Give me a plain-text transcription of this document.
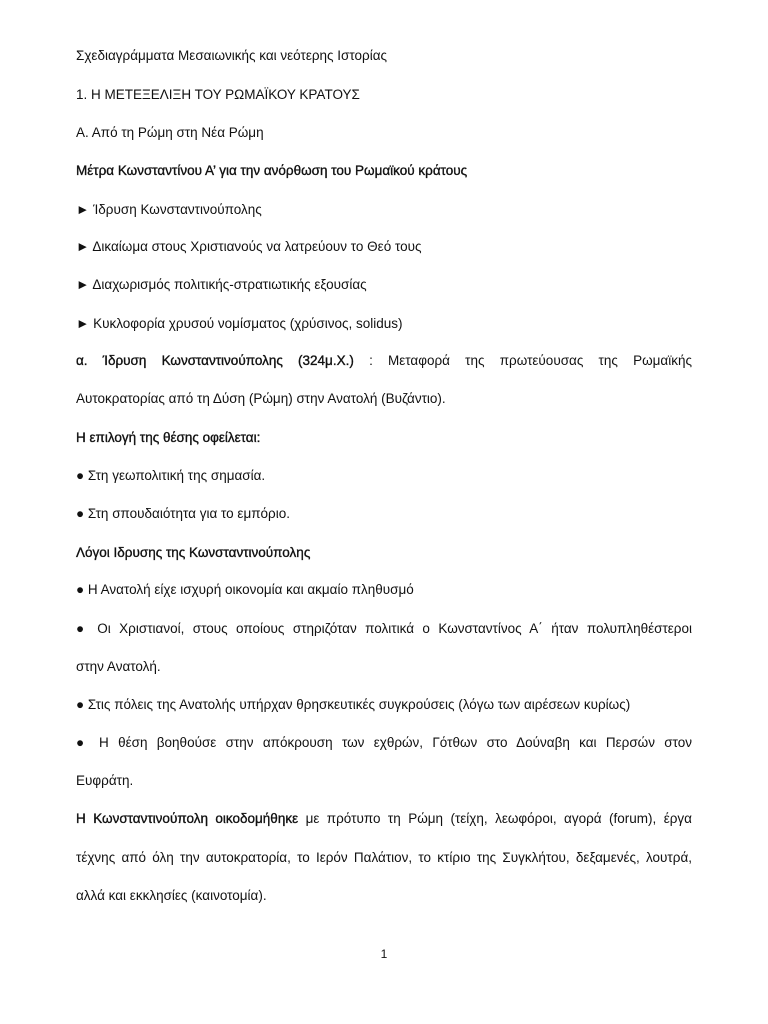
Σχεδιαγράμματα Μεσαιωνικής και νεότερης Ιστορίας
1. Η ΜΕΤΕΞΕΛΙΞΗ ΤΟΥ ΡΩΜΑΪΚΟΥ ΚΡΑΤΟΥΣ
Α. Από τη Ρώμη στη Νέα Ρώμη
Μέτρα Κωνσταντίνου Α’ για την ανόρθωση του Ρωμαϊκού κράτους
► Ίδρυση Κωνσταντινούπολης
► Δικαίωμα στους Χριστιανούς να λατρεύουν το Θεό τους
► Διαχωρισμός πολιτικής-στρατιωτικής εξουσίας
► Κυκλοφορία χρυσού νομίσματος (χρύσινος, solidus)
α. Ίδρυση Κωνσταντινούπολης (324μ.Χ.) : Μεταφορά της πρωτεύουσας της Ρωμαϊκής
Αυτοκρατορίας από τη Δύση (Ρώμη) στην Ανατολή (Βυζάντιο).
Η επιλογή της θέσης οφείλεται:
● Στη γεωπολιτική της σημασία.
● Στη σπουδαιότητα για το εμπόριο.
Λόγοι Ιδρυσης της Κωνσταντινούπολης
● Η Ανατολή είχε ισχυρή οικονομία και ακμαίο πληθυσμό
● Οι Χριστιανοί, στους οποίους στηριζόταν πολιτικά ο Κωνσταντίνος Α΄ ήταν πολυπληθέστεροι
στην Ανατολή.
● Στις πόλεις της Ανατολής υπήρχαν θρησκευτικές συγκρούσεις (λόγω των αιρέσεων κυρίως)
● Η θέση βοηθούσε στην απόκρουση των εχθρών, Γότθων στο Δούναβη και Περσών στον
Ευφράτη.
Η Κωνσταντινούπολη οικοδομήθηκε με πρότυπο τη Ρώμη (τείχη, λεωφόροι, αγορά (forum), έργα
τέχνης από όλη την αυτοκρατορία, το Ιερόν Παλάτιον, το κτίριο της Συγκλήτου, δεξαμενές, λουτρά,
αλλά και εκκλησίες (καινοτομία).
1
